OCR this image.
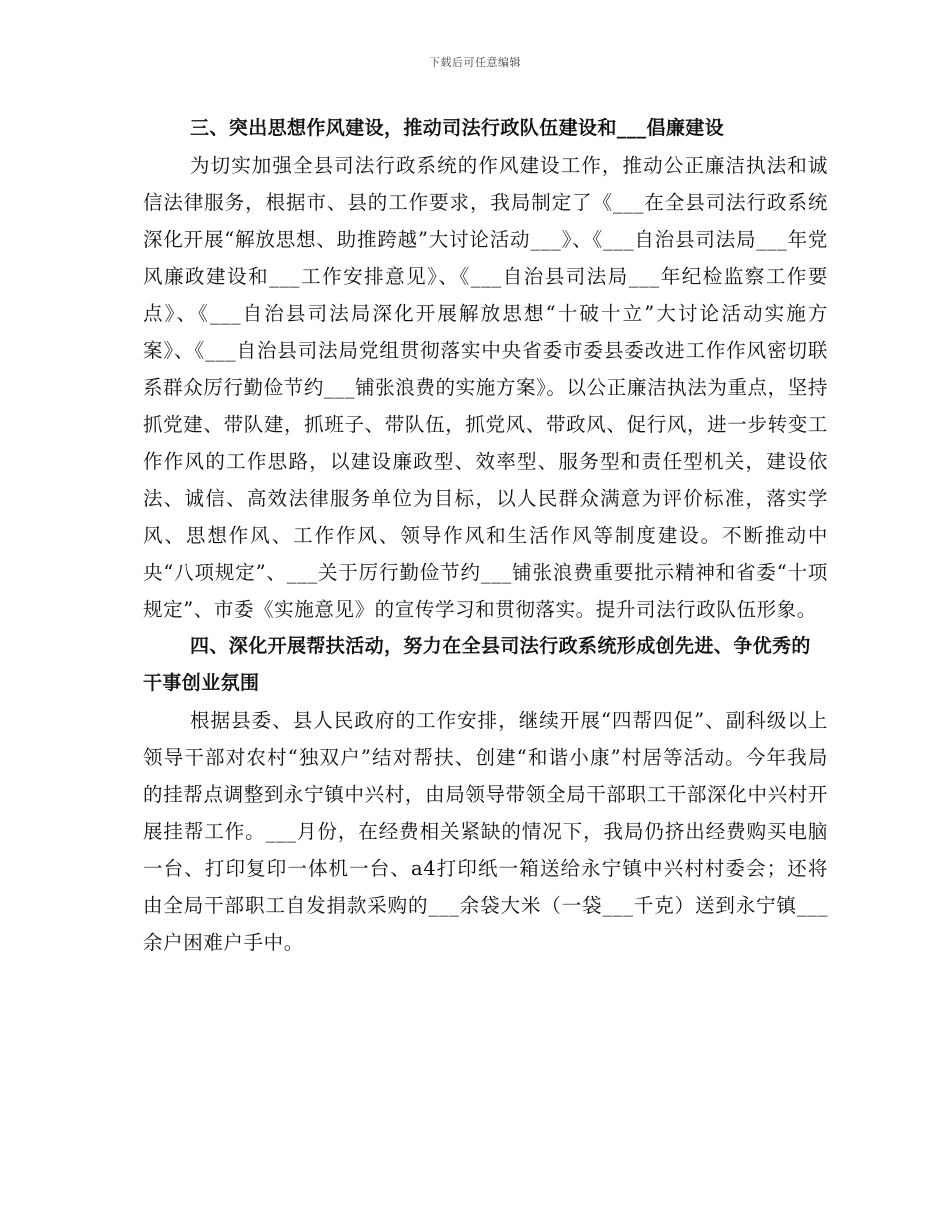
下载后可任意编辑

三、突出思想作风建设，推动司法行政队伍建设和___倡廉建设

为切实加强全县司法行政系统的作风建设工作，推动公正廉洁执法和诚信法律服务，根据市、县的工作要求，我局制定了《___在全县司法行政系统深化开展“解放思想、助推跨越”大讨论活动___》、《___自治县司法局___年党风廉政建设和___工作安排意见》、《___自治县司法局___年纪检监察工作要点》、《___自治县司法局深化开展解放思想“十破十立”大讨论活动实施方案》、《___自治县司法局党组贯彻落实中央省委市委县委改进工作作风密切联系群众厉行勤俭节约___铺张浪费的实施方案》。以公正廉洁执法为重点，坚持抓党建、带队建，抓班子、带队伍，抓党风、带政风、促行风，进一步转变工作作风的工作思路，以建设廉政型、效率型、服务型和责任型机关，建设依法、诚信、高效法律服务单位为目标，以人民群众满意为评价标准，落实学风、思想作风、工作作风、领导作风和生活作风等制度建设。不断推动中央“八项规定”、___关于厉行勤俭节约___铺张浪费重要批示精神和省委“十项规定”、市委《实施意见》的宣传学习和贯彻落实。提升司法行政队伍形象。

四、深化开展帮扶活动，努力在全县司法行政系统形成创先进、争优秀的干事创业氛围

根据县委、县人民政府的工作安排，继续开展“四帮四促”、副科级以上领导干部对农村“独双户”结对帮扶、创建“和谐小康”村居等活动。今年我局的挂帮点调整到永宁镇中兴村，由局领导带领全局干部职工干部深化中兴村开展挂帮工作。___月份，在经费相关紧缺的情况下，我局仍挤出经费购买电脑一台、打印复印一体机一台、a4打印纸一箱送给永宁镇中兴村村委会；还将由全局干部职工自发捐款采购的___余袋大米（一袋___千克）送到永宁镇___余户困难户手中。
